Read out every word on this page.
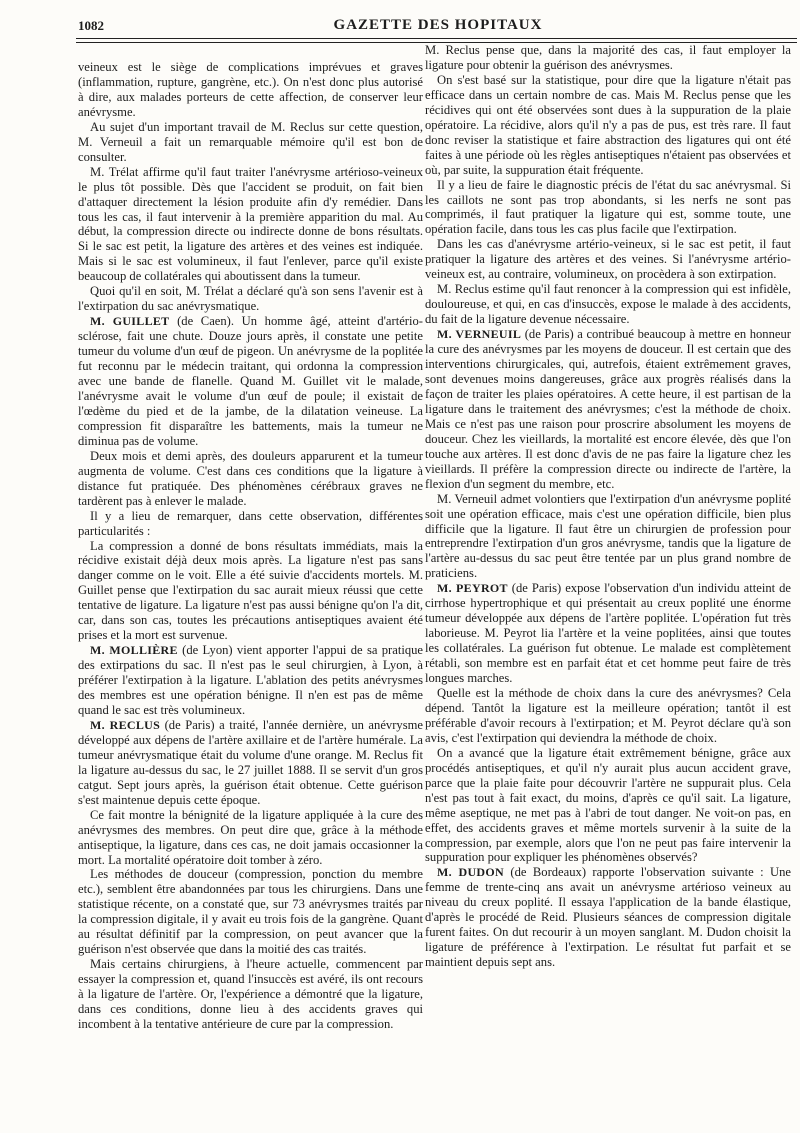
1082	GAZETTE DES HOPITAUX

veineux est le siège de complications imprévues et graves (inflammation, rupture, gangrène, etc.). On n'est donc plus autorisé à dire, aux malades porteurs de cette affection, de conserver leur anévrysme.

Au sujet d'un important travail de M. Reclus sur cette question, M. Verneuil a fait un remarquable mémoire qu'il est bon de consulter.

M. Trélat affirme qu'il faut traiter l'anévrysme artérioso-veineux le plus tôt possible. Dès que l'accident se produit, on fait bien d'attaquer directement la lésion produite afin d'y remédier. Dans tous les cas, il faut intervenir à la première apparition du mal. Au début, la compression directe ou indirecte donne de bons résultats. Si le sac est petit, la ligature des artères et des veines est indiquée. Mais si le sac est volumineux, il faut l'enlever, parce qu'il existe beaucoup de collatérales qui aboutissent dans la tumeur.

Quoi qu'il en soit, M. Trélat a déclaré qu'à son sens l'avenir est à l'extirpation du sac anévrysmatique.

M. GUILLET (de Caen). Un homme âgé, atteint d'artério-sclérose, fait une chute. Douze jours après, il constate une petite tumeur du volume d'un œuf de pigeon. Un anévrysme de la poplitée fut reconnu par le médecin traitant, qui ordonna la compression avec une bande de flanelle. Quand M. Guillet vit le malade, l'anévrysme avait le volume d'un œuf de poule; il existait de l'œdème du pied et de la jambe, de la dilatation veineuse. La compression fit disparaître les battements, mais la tumeur ne diminua pas de volume.

Deux mois et demi après, des douleurs apparurent et la tumeur augmenta de volume. C'est dans ces conditions que la ligature à distance fut pratiquée. Des phénomènes cérébraux graves ne tardèrent pas à enlever le malade.

Il y a lieu de remarquer, dans cette observation, différentes particularités :

La compression a donné de bons résultats immédiats, mais la récidive existait déjà deux mois après. La ligature n'est pas sans danger comme on le voit. Elle a été suivie d'accidents mortels. M. Guillet pense que l'extirpation du sac aurait mieux réussi que cette tentative de ligature. La ligature n'est pas aussi bénigne qu'on l'a dit, car, dans son cas, toutes les précautions antiseptiques avaient été prises et la mort est survenue.

M. MOLLIÈRE (de Lyon) vient apporter l'appui de sa pratique des extirpations du sac. Il n'est pas le seul chirurgien, à Lyon, à préférer l'extirpation à la ligature. L'ablation des petits anévrysmes des membres est une opération bénigne. Il n'en est pas de même quand le sac est très volumineux.

M. RECLUS (de Paris) a traité, l'année dernière, un anévrysme développé aux dépens de l'artère axillaire et de l'artère humérale. La tumeur anévrysmatique était du volume d'une orange. M. Reclus fit la ligature au-dessus du sac, le 27 juillet 1888. Il se servit d'un gros catgut. Sept jours après, la guérison était obtenue. Cette guérison s'est maintenue depuis cette époque.

Ce fait montre la bénignité de la ligature appliquée à la cure des anévrysmes des membres. On peut dire que, grâce à la méthode antiseptique, la ligature, dans ces cas, ne doit jamais occasionner la mort. La mortalité opératoire doit tomber à zéro.

Les méthodes de douceur (compression, ponction du membre etc.), semblent être abandonnées par tous les chirurgiens. Dans une statistique récente, on a constaté que, sur 73 anévrysmes traités par la compression digitale, il y avait eu trois fois de la gangrène. Quant au résultat définitif par la compression, on peut avancer que la guérison n'est observée que dans la moitié des cas traités.

Mais certains chirurgiens, à l'heure actuelle, commencent par essayer la compression et, quand l'insuccès est avéré, ils ont recours à la ligature de l'artère. Or, l'expérience a démontré que la ligature, dans ces conditions, donne lieu à des accidents graves qui incombent à la tentative antérieure de cure par la compression.

M. Reclus pense que, dans la majorité des cas, il faut employer la ligature pour obtenir la guérison des anévrysmes.

On s'est basé sur la statistique, pour dire que la ligature n'était pas efficace dans un certain nombre de cas. Mais M. Reclus pense que les récidives qui ont été observées sont dues à la suppuration de la plaie opératoire. La récidive, alors qu'il n'y a pas de pus, est très rare. Il faut donc reviser la statistique et faire abstraction des ligatures qui ont été faites à une période où les règles antiseptiques n'étaient pas observées et où, par suite, la suppuration était fréquente.

Il y a lieu de faire le diagnostic précis de l'état du sac anévrysmal. Si les caillots ne sont pas trop abondants, si les nerfs ne sont pas comprimés, il faut pratiquer la ligature qui est, somme toute, une opération facile, dans tous les cas plus facile que l'extirpation.

Dans les cas d'anévrysme artério-veineux, si le sac est petit, il faut pratiquer la ligature des artères et des veines. Si l'anévrysme artério-veineux est, au contraire, volumineux, on procèdera à son extirpation.

M. Reclus estime qu'il faut renoncer à la compression qui est infidèle, douloureuse, et qui, en cas d'insuccès, expose le malade à des accidents, du fait de la ligature devenue nécessaire.

M. VERNEUIL (de Paris) a contribué beaucoup à mettre en honneur la cure des anévrysmes par les moyens de douceur. Il est certain que des interventions chirurgicales, qui, autrefois, étaient extrêmement graves, sont devenues moins dangereuses, grâce aux progrès réalisés dans la façon de traiter les plaies opératoires. A cette heure, il est partisan de la ligature dans le traitement des anévrysmes; c'est la méthode de choix. Mais ce n'est pas une raison pour proscrire absolument les moyens de douceur. Chez les vieillards, la mortalité est encore élevée, dès que l'on touche aux artères. Il est donc d'avis de ne pas faire la ligature chez les vieillards. Il préfère la compression directe ou indirecte de l'artère, la flexion d'un segment du membre, etc.

M. Verneuil admet volontiers que l'extirpation d'un anévrysme poplité soit une opération efficace, mais c'est une opération difficile, bien plus difficile que la ligature. Il faut être un chirurgien de profession pour entreprendre l'extirpation d'un gros anévrysme, tandis que la ligature de l'artère au-dessus du sac peut être tentée par un plus grand nombre de praticiens.

M. PEYROT (de Paris) expose l'observation d'un individu atteint de cirrhose hypertrophique et qui présentait au creux poplité une énorme tumeur développée aux dépens de l'artère poplitée. L'opération fut très laborieuse. M. Peyrot lia l'artère et la veine poplitées, ainsi que toutes les collatérales. La guérison fut obtenue. Le malade est complètement rétabli, son membre est en parfait état et cet homme peut faire de très longues marches.

Quelle est la méthode de choix dans la cure des anévrysmes? Cela dépend. Tantôt la ligature est la meilleure opération; tantôt il est préférable d'avoir recours à l'extirpation; et M. Peyrot déclare qu'à son avis, c'est l'extirpation qui deviendra la méthode de choix.

On a avancé que la ligature était extrêmement bénigne, grâce aux procédés antiseptiques, et qu'il n'y aurait plus aucun accident grave, parce que la plaie faite pour découvrir l'artère ne suppurait plus. Cela n'est pas tout à fait exact, du moins, d'après ce qu'il sait. La ligature, même aseptique, ne met pas à l'abri de tout danger. Ne voit-on pas, en effet, des accidents graves et même mortels survenir à la suite de la compression, par exemple, alors que l'on ne peut pas faire intervenir la suppuration pour expliquer les phénomènes observés?

M. DUDON (de Bordeaux) rapporte l'observation suivante : Une femme de trente-cinq ans avait un anévrysme artérioso veineux au niveau du creux poplité. Il essaya l'application de la bande élastique, d'après le procédé de Reid. Plusieurs séances de compression digitale furent faites. On dut recourir à un moyen sanglant. M. Dudon choisit la ligature de préférence à l'extirpation. Le résultat fut parfait et se maintient depuis sept ans.
